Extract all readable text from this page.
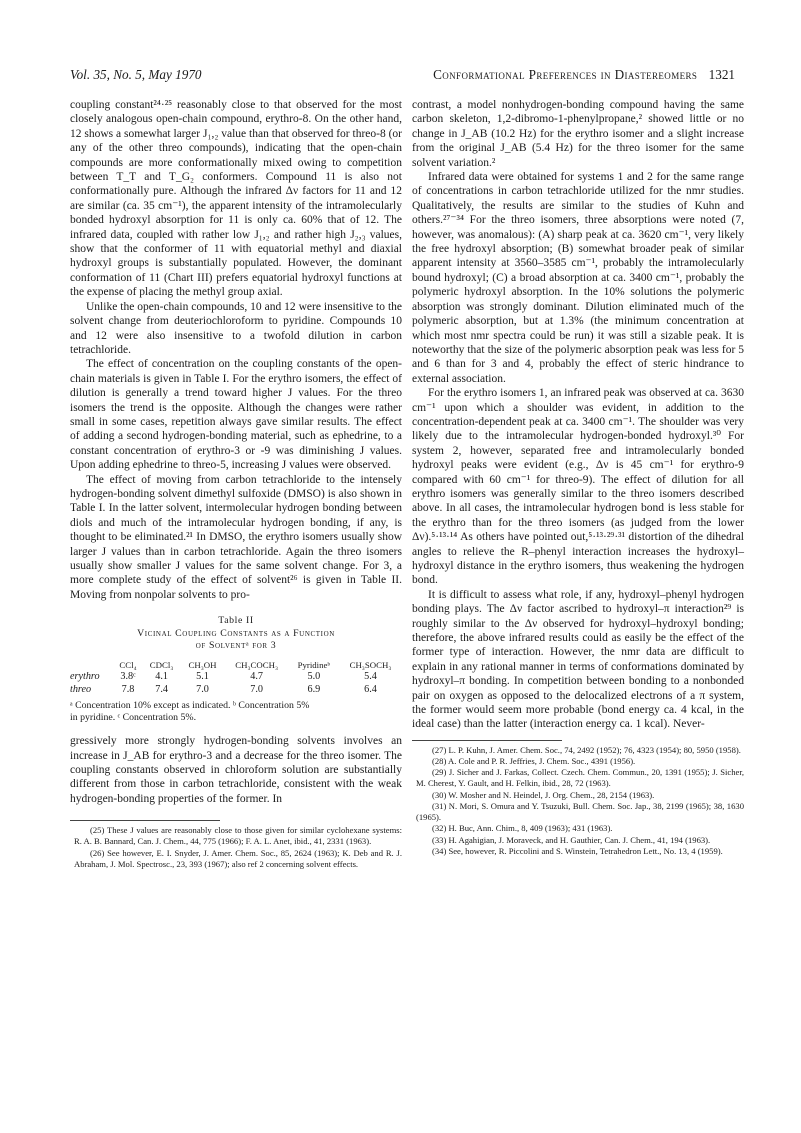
Vol. 35, No. 5, May 1970	Conformational Preferences in Diastereomers 1321

coupling constant²⁴·²⁵ reasonably close to that observed for the most closely analogous open-chain compound, erythro-8. On the other hand, 12 shows a somewhat larger J₁,₂ value than that observed for threo-8 (or any of the other threo compounds), indicating that the open-chain compounds are more conformationally mixed owing to competition between T_T and T_G₂ conformers. Compound 11 is also not conformationally pure. Although the infrared Δν factors for 11 and 12 are similar (ca. 35 cm⁻¹), the apparent intensity of the intramolecularly bonded hydroxyl absorption for 11 is only ca. 60% that of 12. The infrared data, coupled with rather low J₁,₂ and rather high J₂,₃ values, show that the conformer of 11 with equatorial methyl and diaxial hydroxyl groups is substantially populated. However, the dominant conformation of 11 (Chart III) prefers equatorial hydroxyl functions at the expense of placing the methyl group axial.

Unlike the open-chain compounds, 10 and 12 were insensitive to the solvent change from deuteriochloroform to pyridine. Compounds 10 and 12 were also insensitive to a twofold dilution in carbon tetrachloride.

The effect of concentration on the coupling constants of the open-chain materials is given in Table I. For the erythro isomers, the effect of dilution is generally a trend toward higher J values. For the threo isomers the trend is the opposite. Although the changes were rather small in some cases, repetition always gave similar results. The effect of adding a second hydrogen-bonding material, such as ephedrine, to a constant concentration of erythro-3 or -9 was diminishing J values. Upon adding ephedrine to threo-5, increasing J values were observed.

The effect of moving from carbon tetrachloride to the intensely hydrogen-bonding solvent dimethyl sulfoxide (DMSO) is also shown in Table I. In the latter solvent, intermolecular hydrogen bonding between diols and much of the intramolecular hydrogen bonding, if any, is thought to be eliminated.²¹ In DMSO, the erythro isomers usually show larger J values than in carbon tetrachloride. Again the threo isomers usually show smaller J values for the same solvent change. For 3, a more complete study of the effect of solvent²⁶ is given in Table II. Moving from nonpolar solvents to pro-

Table II
Vicinal Coupling Constants as a Function
of Solventᵃ for 3
	CCl₄	CDCl₃	CH₃OH	CH₃COCH₃	Pyridineᵇ	CH₃SOCH₃
erythro	3.8ᶜ	4.1	5.1	4.7	5.0	5.4
threo	7.8	7.4	7.0	7.0	6.9	6.4
ᵃ Concentration 10% except as indicated. ᵇ Concentration 5%
in pyridine. ᶜ Concentration 5%.

gressively more strongly hydrogen-bonding solvents involves an increase in J_AB for erythro-3 and a decrease for the threo isomer. The coupling constants observed in chloroform solution are substantially different from those in carbon tetrachloride, consistent with the weak hydrogen-bonding properties of the former. In

(25) These J values are reasonably close to those given for similar cyclohexane systems: R. A. B. Bannard, Can. J. Chem., 44, 775 (1966); F. A. L. Anet, ibid., 41, 2331 (1963).

(26) See however, E. I. Snyder, J. Amer. Chem. Soc., 85, 2624 (1963); K. Deb and R. J. Abraham, J. Mol. Spectrosc., 23, 393 (1967); also ref 2 concerning solvent effects.

contrast, a model nonhydrogen-bonding compound having the same carbon skeleton, 1,2-dibromo-1-phenylpropane,² showed little or no change in J_AB (10.2 Hz) for the erythro isomer and a slight increase from the original J_AB (5.4 Hz) for the threo isomer for the same solvent variation.²

Infrared data were obtained for systems 1 and 2 for the same range of concentrations in carbon tetrachloride utilized for the nmr studies. Qualitatively, the results are similar to the studies of Kuhn and others.²⁷⁻³⁴ For the threo isomers, three absorptions were noted (7, however, was anomalous): (A) sharp peak at ca. 3620 cm⁻¹, very likely the free hydroxyl absorption; (B) somewhat broader peak of similar apparent intensity at 3560–3585 cm⁻¹, probably the intramolecularly bound hydroxyl; (C) a broad absorption at ca. 3400 cm⁻¹, probably the polymeric hydroxyl absorption. In the 10% solutions the polymeric absorption was strongly dominant. Dilution eliminated much of the polymeric absorption, but at 1.3% (the minimum concentration at which most nmr spectra could be run) it was still a sizable peak. It is noteworthy that the size of the polymeric absorption peak was less for 5 and 6 than for 3 and 4, probably the effect of steric hindrance to external association.

For the erythro isomers 1, an infrared peak was observed at ca. 3630 cm⁻¹ upon which a shoulder was evident, in addition to the concentration-dependent peak at ca. 3400 cm⁻¹. The shoulder was very likely due to the intramolecular hydrogen-bonded hydroxyl.³⁰ For system 2, however, separated free and intramolecularly bonded hydroxyl peaks were evident (e.g., Δν is 45 cm⁻¹ for erythro-9 compared with 60 cm⁻¹ for threo-9). The effect of dilution for all erythro isomers was generally similar to the threo isomers described above. In all cases, the intramolecular hydrogen bond is less stable for the erythro than for the threo isomers (as judged from the lower Δν).⁵·¹³·¹⁴ As others have pointed out,⁵·¹³·²⁹·³¹ distortion of the dihedral angles to relieve the R–phenyl interaction increases the hydroxyl–hydroxyl distance in the erythro isomers, thus weakening the hydrogen bond.

It is difficult to assess what role, if any, hydroxyl–phenyl hydrogen bonding plays. The Δν factor ascribed to hydroxyl–π interaction²⁹ is roughly similar to the Δν observed for hydroxyl–hydroxyl bonding; therefore, the above infrared results could as easily be the effect of the former type of interaction. However, the nmr data are difficult to explain in any rational manner in terms of conformations dominated by hydroxyl–π bonding. In competition between bonding to a nonbonded pair on oxygen as opposed to the delocalized electrons of a π system, the former would seem more probable (bond energy ca. 4 kcal, in the ideal case) than the latter (interaction energy ca. 1 kcal). Never-

(27) L. P. Kuhn, J. Amer. Chem. Soc., 74, 2492 (1952); 76, 4323 (1954); 80, 5950 (1958).

(28) A. Cole and P. R. Jeffries, J. Chem. Soc., 4391 (1956).

(29) J. Sicher and J. Farkas, Collect. Czech. Chem. Commun., 20, 1391 (1955); J. Sicher, M. Cherest, Y. Gault, and H. Felkin, ibid., 28, 72 (1963).

(30) W. Mosher and N. Heindel, J. Org. Chem., 28, 2154 (1963).

(31) N. Mori, S. Omura and Y. Tsuzuki, Bull. Chem. Soc. Jap., 38, 2199 (1965); 38, 1630 (1965).

(32) H. Buc, Ann. Chim., 8, 409 (1963); 431 (1963).

(33) H. Agahigian, J. Moraveck, and H. Gauthier, Can. J. Chem., 41, 194 (1963).

(34) See, however, R. Piccolini and S. Winstein, Tetrahedron Lett., No. 13, 4 (1959).
